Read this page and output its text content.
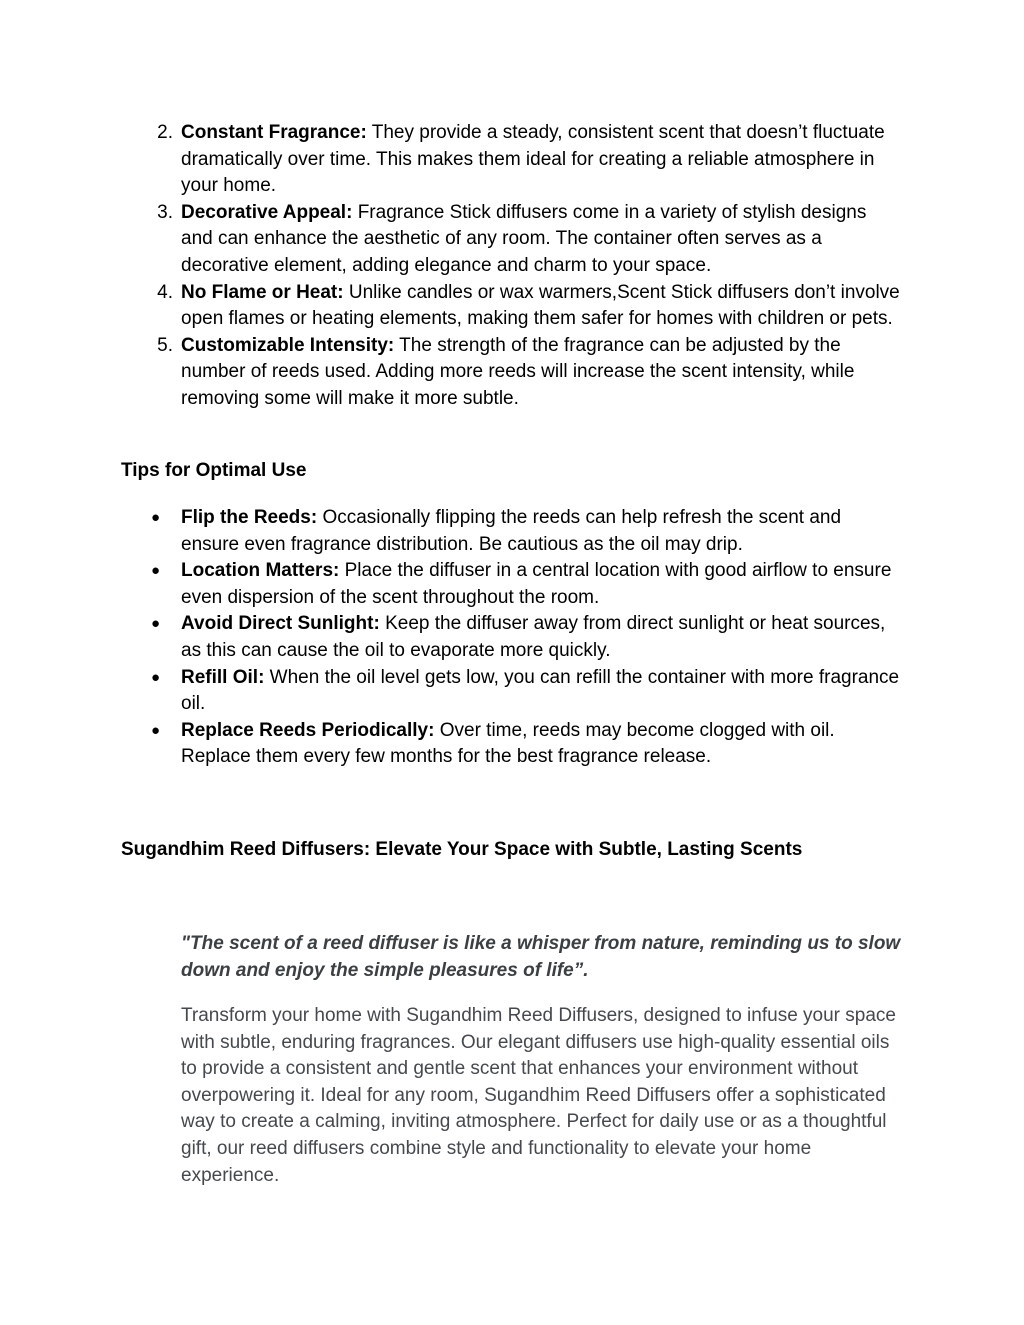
2. Constant Fragrance: They provide a steady, consistent scent that doesn’t fluctuate dramatically over time. This makes them ideal for creating a reliable atmosphere in your home.
3. Decorative Appeal: Fragrance Stick diffusers come in a variety of stylish designs and can enhance the aesthetic of any room. The container often serves as a decorative element, adding elegance and charm to your space.
4. No Flame or Heat: Unlike candles or wax warmers,Scent Stick diffusers don’t involve open flames or heating elements, making them safer for homes with children or pets.
5. Customizable Intensity: The strength of the fragrance can be adjusted by the number of reeds used. Adding more reeds will increase the scent intensity, while removing some will make it more subtle.
Tips for Optimal Use
● Flip the Reeds: Occasionally flipping the reeds can help refresh the scent and ensure even fragrance distribution. Be cautious as the oil may drip.
● Location Matters: Place the diffuser in a central location with good airflow to ensure even dispersion of the scent throughout the room.
● Avoid Direct Sunlight: Keep the diffuser away from direct sunlight or heat sources, as this can cause the oil to evaporate more quickly.
● Refill Oil: When the oil level gets low, you can refill the container with more fragrance oil.
● Replace Reeds Periodically: Over time, reeds may become clogged with oil. Replace them every few months for the best fragrance release.
Sugandhim Reed Diffusers: Elevate Your Space with Subtle, Lasting Scents

"The scent of a reed diffuser is like a whisper from nature, reminding us to slow down and enjoy the simple pleasures of life”.

Transform your home with Sugandhim Reed Diffusers, designed to infuse your space with subtle, enduring fragrances. Our elegant diffusers use high-quality essential oils to provide a consistent and gentle scent that enhances your environment without overpowering it. Ideal for any room, Sugandhim Reed Diffusers offer a sophisticated way to create a calming, inviting atmosphere. Perfect for daily use or as a thoughtful gift, our reed diffusers combine style and functionality to elevate your home experience.
